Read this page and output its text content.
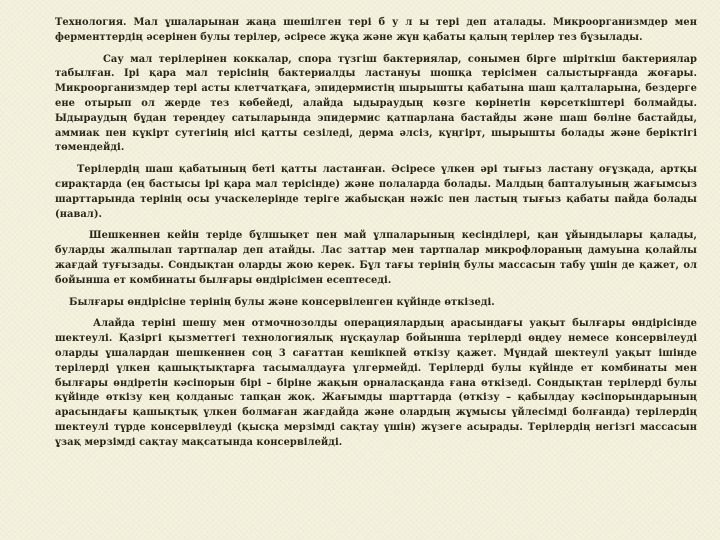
Технология. Мал ұшаларынан жаңа шешілген тері б у л ы тері деп аталады. Микроорганизмдер мен ферменттердің әсерінен булы терілер, әсіресе жұқа және жүн қабаты қалың терілер тез бұзылады.

Сау мал терілерінен коккалар, спора түзгіш бактериялар, сонымен бірге шіріткіш бактериялар табылған. Ірі қара мал терісінің бактериалды ластануы шошқа терісімен салыстырғанда жоғары. Микроорганизмдер тері асты клетчатқаға, эпидермистің шырышты қабатына шаш қалталарына, бездерге ене отырып ол жерде тез көбейеді, алайда ыдыраудың көзге көрінетін көрсеткіштері болмайды. Ыдыраудың бұдан тереңдеу сатыларында эпидермис қатпарлана бастайды және шаш бөліне бастайды, аммиак пен күкірт сутегінің иісі қатты сезіледі, дерма әлсіз, күңгірт, шырышты болады және беріктігі төмендейді.

Терілердің шаш қабатының беті қатты ластанған. Әсіресе үлкен әрі тығыз ластану оғұзқада, артқы сирақтарда (ең бастысы ірі қара мал терісінде) және полаларда болады. Малдың бапталуының жағымсыз шарттарында терінің осы учаскелерінде теріге жабысқан нәжіс пен ластың тығыз қабаты пайда болады (навал).

Шешкеннен кейін теріде бұлшықет пен май ұлпаларының кесінділері, қан ұйындылары қалады, буларды жалпылап тартпалар деп атайды. Лас заттар мен тартпалар микрофлораның дамуына қолайлы жағдай туғызады. Сондықтан оларды жою керек. Бұл тағы терінің булы массасын табу үшін де қажет, ол бойынша ет комбинаты былғары өндірісімен есептеседі.

Былғары өндірісіне терінің булы және консервіленген күйінде өткізеді.

Алайда теріні шешу мен отмочнозолды операциялардың арасындағы уақыт былғары өндірісінде шектеулі. Қазіргі қызметтегі технологиялық нұсқаулар бойынша терілерді өңдеу немесе консервілеуді оларды ұшалардан шешкеннен соң 3 сағаттан кешікпей өткізу қажет. Мұндай шектеулі уақыт ішінде терілерді үлкен қашықтықтарға тасымалдауға үлгермейді. Терілерді булы күйінде ет комбинаты мен былғары өндіретін кәсіпорын бірі – біріне жақын орналасқанда ғана өткізеді. Сондықтан терілерді булы күйінде өткізу кең қолданыс тапқан жоқ. Жағымды шарттарда (өткізу – қабылдау кәсіпорындарының арасындағы қашықтық үлкен болмаған жағдайда және олардың жұмысы үйлесімді болғанда) терілердің шектеулі түрде консервілеуді (қысқа мерзімді сақтау үшін) жүзеге асырады. Терілердің негізгі массасын ұзақ мерзімді сақтау мақсатында консервілейді.
